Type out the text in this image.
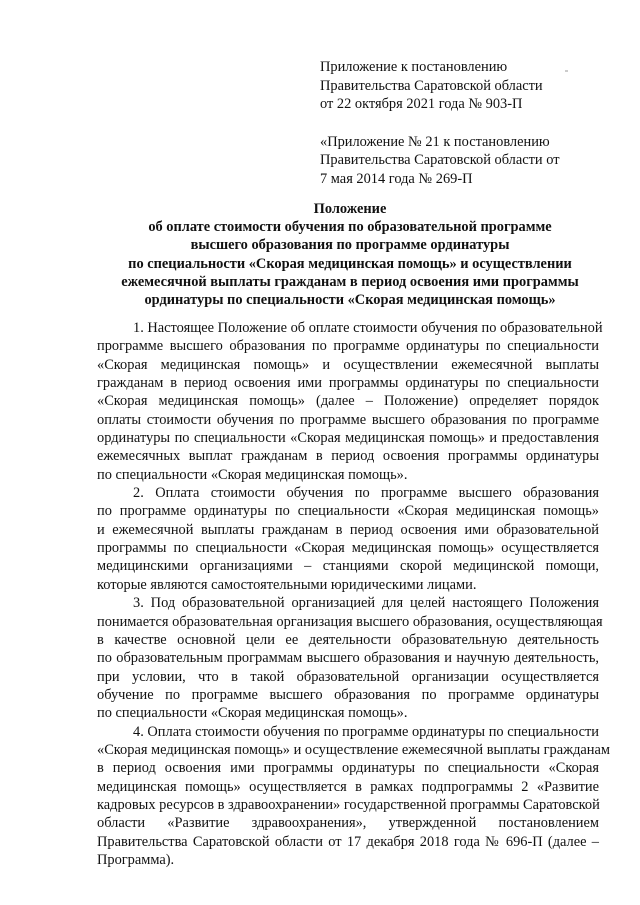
Приложение к постановлению

Правительства Саратовской области

от 22 октября 2021 года № 903-П

«Приложение № 21 к постановлению

Правительства Саратовской области от

7 мая 2014 года № 269-П

Положение
об оплате стоимости обучения по образовательной программе
высшего образования по программе ординатуры
по специальности «Скорая медицинская помощь» и осуществлении
ежемесячной выплаты гражданам в период освоения ими программы
ординатуры по специальности «Скорая медицинская помощь»

1. Настоящее Положение об оплате стоимости обучения по образовательной
программе высшего образования по программе ординатуры по специальности
«Скорая медицинская помощь» и осуществлении ежемесячной выплаты
гражданам в период освоения ими программы ординатуры по специальности
«Скорая медицинская помощь» (далее – Положение) определяет порядок
оплаты стоимости обучения по программе высшего образования по программе
ординатуры по специальности «Скорая медицинская помощь» и предоставления
ежемесячных выплат гражданам в период освоения программы ординатуры
по специальности «Скорая медицинская помощь».

2. Оплата стоимости обучения по программе высшего образования
по программе ординатуры по специальности «Скорая медицинская помощь»
и ежемесячной выплаты гражданам в период освоения ими образовательной
программы по специальности «Скорая медицинская помощь» осуществляется
медицинскими организациями – станциями скорой медицинской помощи,
которые являются самостоятельными юридическими лицами.

3. Под образовательной организацией для целей настоящего Положения
понимается образовательная организация высшего образования, осуществляющая
в качестве основной цели ее деятельности образовательную деятельность
по образовательным программам высшего образования и научную деятельность,
при условии, что в такой образовательной организации осуществляется
обучение по программе высшего образования по программе ординатуры
по специальности «Скорая медицинская помощь».

4. Оплата стоимости обучения по программе ординатуры по специальности
«Скорая медицинская помощь» и осуществление ежемесячной выплаты гражданам
в период освоения ими программы ординатуры по специальности «Скорая
медицинская помощь» осуществляется в рамках подпрограммы 2 «Развитие
кадровых ресурсов в здравоохранении» государственной программы Саратовской
области «Развитие здравоохранения», утвержденной постановлением
Правительства Саратовской области от 17 декабря 2018 года № 696-П (далее –
Программа).
